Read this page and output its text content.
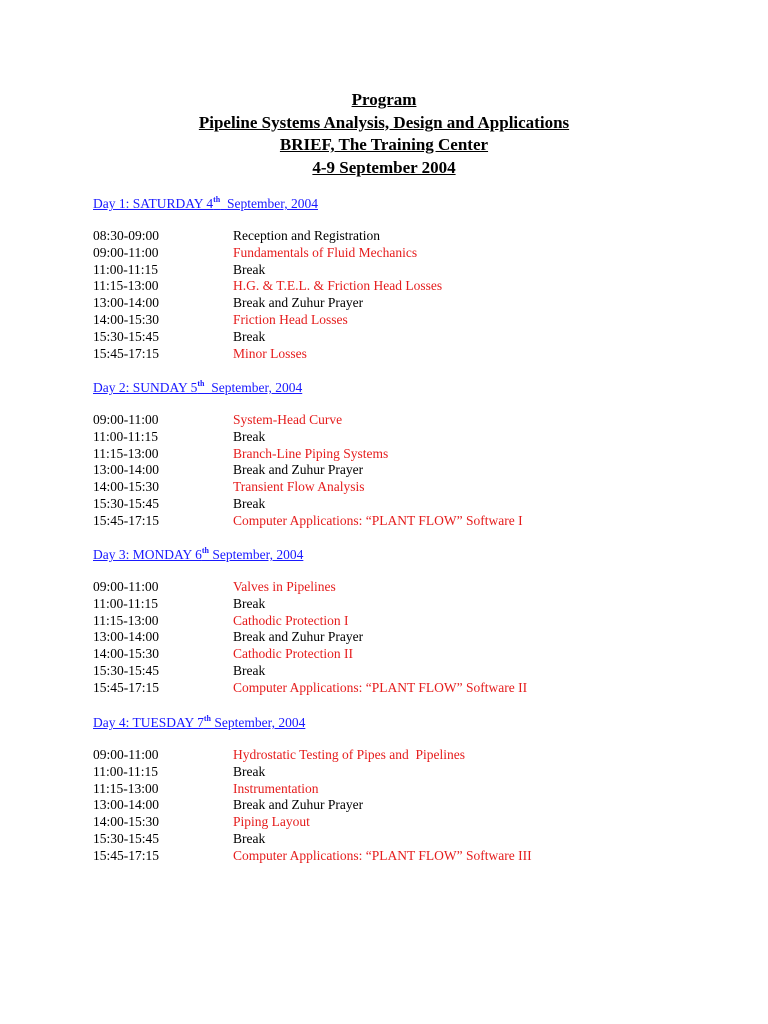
Program
Pipeline Systems Analysis, Design and Applications
BRIEF, The Training Center
4-9 September 2004
Day 1: SATURDAY 4th  September, 2004
08:30-09:00	Reception and Registration
09:00-11:00	Fundamentals of Fluid Mechanics
11:00-11:15	Break
11:15-13:00	H.G. & T.E.L. & Friction Head Losses
13:00-14:00	Break and Zuhur Prayer
14:00-15:30	Friction Head Losses
15:30-15:45	Break
15:45-17:15	Minor Losses
Day 2: SUNDAY 5th  September, 2004
09:00-11:00	System-Head Curve
11:00-11:15	Break
11:15-13:00	Branch-Line Piping Systems
13:00-14:00	Break and Zuhur Prayer
14:00-15:30	Transient Flow Analysis
15:30-15:45	Break
15:45-17:15	Computer Applications: “PLANT FLOW” Software I
Day 3: MONDAY 6th September, 2004
09:00-11:00	Valves in Pipelines
11:00-11:15	Break
11:15-13:00	Cathodic Protection I
13:00-14:00	Break and Zuhur Prayer
14:00-15:30	Cathodic Protection II
15:30-15:45	Break
15:45-17:15	Computer Applications: “PLANT FLOW” Software II
Day 4: TUESDAY 7th September, 2004
09:00-11:00	Hydrostatic Testing of Pipes and  Pipelines
11:00-11:15	Break
11:15-13:00	Instrumentation
13:00-14:00	Break and Zuhur Prayer
14:00-15:30	Piping Layout
15:30-15:45	Break
15:45-17:15	Computer Applications: “PLANT FLOW” Software III
